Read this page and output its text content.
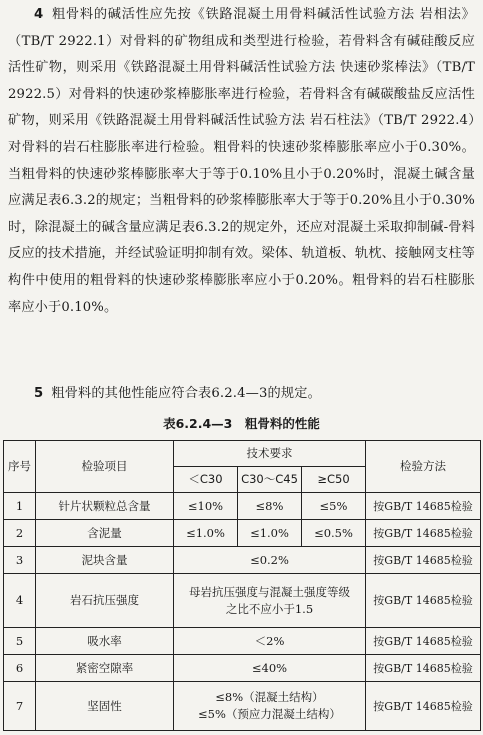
4 粗骨料的碱活性应先按《铁路混凝土用骨料碱活性试验方法 岩相法》（TB/T 2922.1）对骨料的矿物组成和类型进行检验，若骨料含有碱硅酸反应活性矿物，则采用《铁路混凝土用骨料碱活性试验方法 快速砂浆棒法》（TB/T 2922.5）对骨料的快速砂浆棒膨胀率进行检验，若骨料含有碱碳酸盐反应活性矿物，则采用《铁路混凝土用骨料碱活性试验方法 岩石柱法》（TB/T 2922.4）对骨料的岩石柱膨胀率进行检验。粗骨料的快速砂浆棒膨胀率应小于0.30%。当粗骨料的快速砂浆棒膨胀率大于等于0.10%且小于0.20%时，混凝土碱含量应满足表6.3.2的规定；当粗骨料的砂浆棒膨胀率大于等于0.20%且小于0.30%时，除混凝土的碱含量应满足表6.3.2的规定外，还应对混凝土采取抑制碱-骨料反应的技术措施，并经试验证明抑制有效。梁体、轨道板、轨枕、接触网支柱等构件中使用的粗骨料的快速砂浆棒膨胀率应小于0.20%。粗骨料的岩石柱膨胀率应小于0.10%。

5 粗骨料的其他性能应符合表6.2.4—3的规定。

表6.2.4—3　粗骨料的性能

序号	检验项目	技术要求			检验方法
		＜C30	C30～C45	≥C50	
1	针片状颗粒总含量	≤10%	≤8%	≤5%	按GB/T 14685检验
2	含泥量	≤1.0%	≤1.0%	≤0.5%	按GB/T 14685检验
3	泥块含量	≤0.2%			按GB/T 14685检验
4	岩石抗压强度	母岩抗压强度与混凝土强度等级
之比不应小于1.5			按GB/T 14685检验
5	吸水率	＜2%			按GB/T 14685检验
6	紧密空隙率	≤40%			按GB/T 14685检验
7	坚固性	≤8%（混凝土结构）
≤5%（预应力混凝土结构）			按GB/T 14685检验
